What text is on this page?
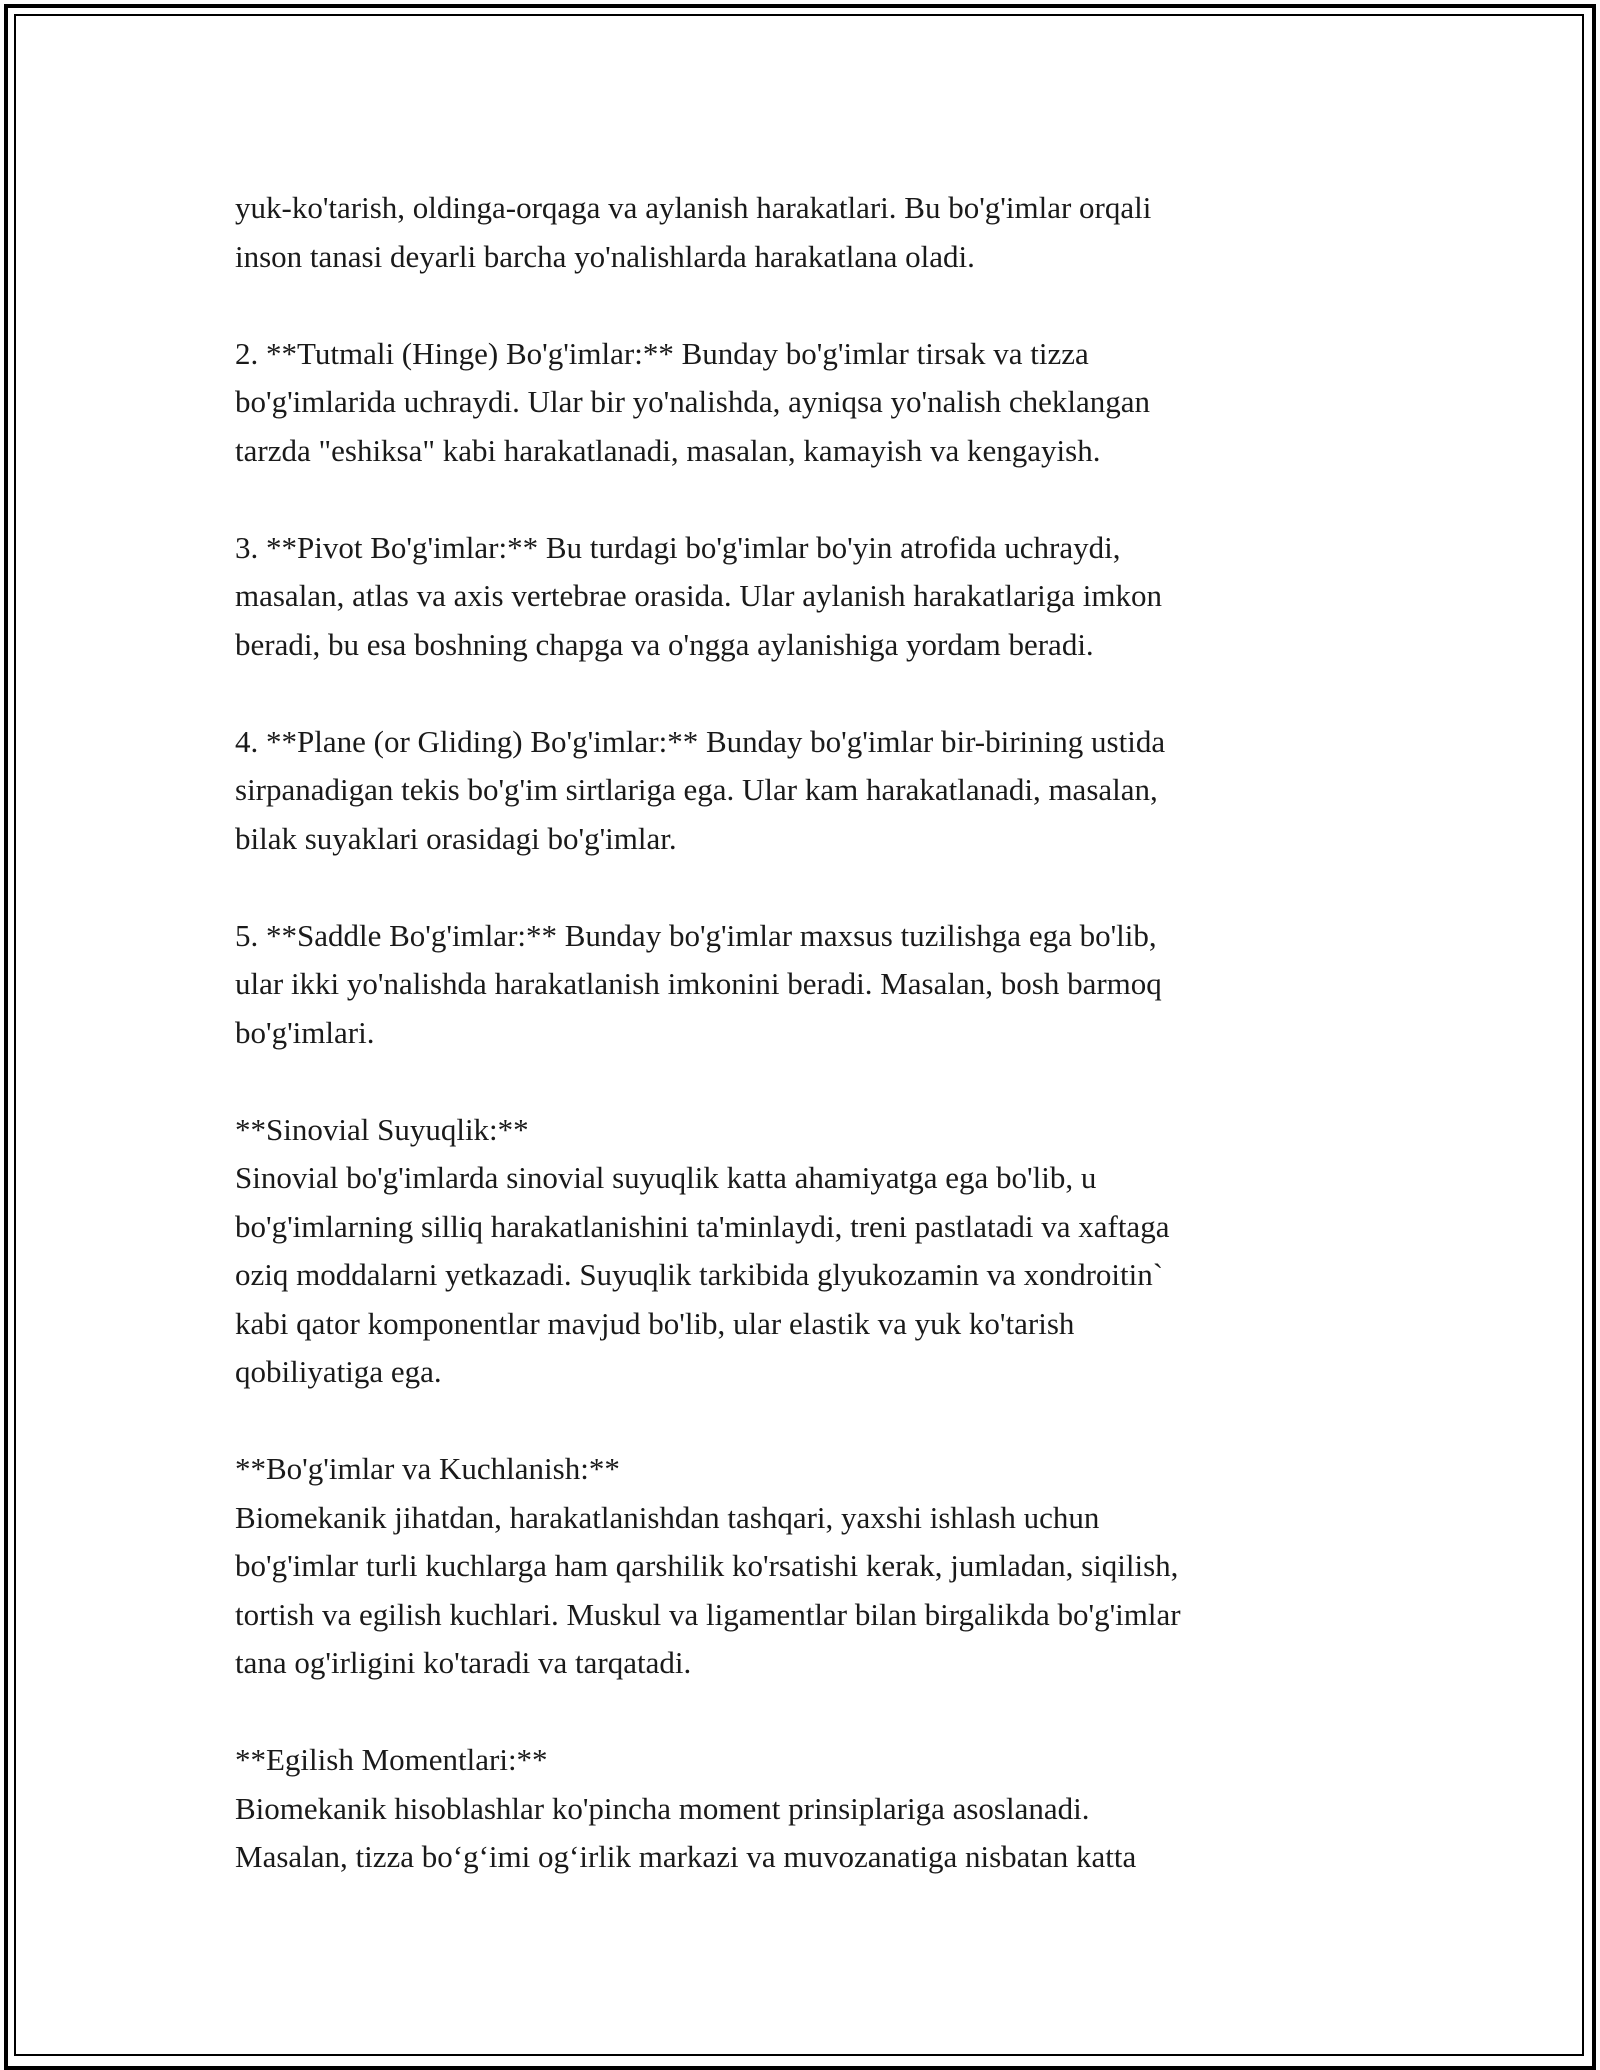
yuk-ko'tarish, oldinga-orqaga va aylanish harakatlari. Bu bo'g'imlar orqali
inson tanasi deyarli barcha yo'nalishlarda harakatlana oladi.
2. **Tutmali (Hinge) Bo'g'imlar:** Bunday bo'g'imlar tirsak va tizza
bo'g'imlarida uchraydi. Ular bir yo'nalishda, ayniqsa yo'nalish cheklangan
tarzda "eshiksa" kabi harakatlanadi, masalan, kamayish va kengayish.
3. **Pivot Bo'g'imlar:** Bu turdagi bo'g'imlar bo'yin atrofida uchraydi,
masalan, atlas va axis vertebrae orasida. Ular aylanish harakatlariga imkon
beradi, bu esa boshning chapga va o'ngga aylanishiga yordam beradi.
4. **Plane (or Gliding) Bo'g'imlar:** Bunday bo'g'imlar bir-birining ustida
sirpanadigan tekis bo'g'im sirtlariga ega. Ular kam harakatlanadi, masalan,
bilak suyaklari orasidagi bo'g'imlar.
5. **Saddle Bo'g'imlar:** Bunday bo'g'imlar maxsus tuzilishga ega bo'lib,
ular ikki yo'nalishda harakatlanish imkonini beradi. Masalan, bosh barmoq
bo'g'imlari.
**Sinovial Suyuqlik:**
Sinovial bo'g'imlarda sinovial suyuqlik katta ahamiyatga ega bo'lib, u
bo'g'imlarning silliq harakatlanishini ta'minlaydi, treni pastlatadi va xaftaga
oziq moddalarni yetkazadi. Suyuqlik tarkibida glyukozamin va xondroitin`
kabi qator komponentlar mavjud bo'lib, ular elastik va yuk ko'tarish
qobiliyatiga ega.
**Bo'g'imlar va Kuchlanish:**
Biomekanik jihatdan, harakatlanishdan tashqari, yaxshi ishlash uchun
bo'g'imlar turli kuchlarga ham qarshilik ko'rsatishi kerak, jumladan, siqilish,
tortish va egilish kuchlari. Muskul va ligamentlar bilan birgalikda bo'g'imlar
tana og'irligini ko'taradi va tarqatadi.
**Egilish Momentlari:**
Biomekanik hisoblashlar ko'pincha moment prinsiplariga asoslanadi.
Masalan, tizza bo‘g‘imi og‘irlik markazi va muvozanatiga nisbatan katta
